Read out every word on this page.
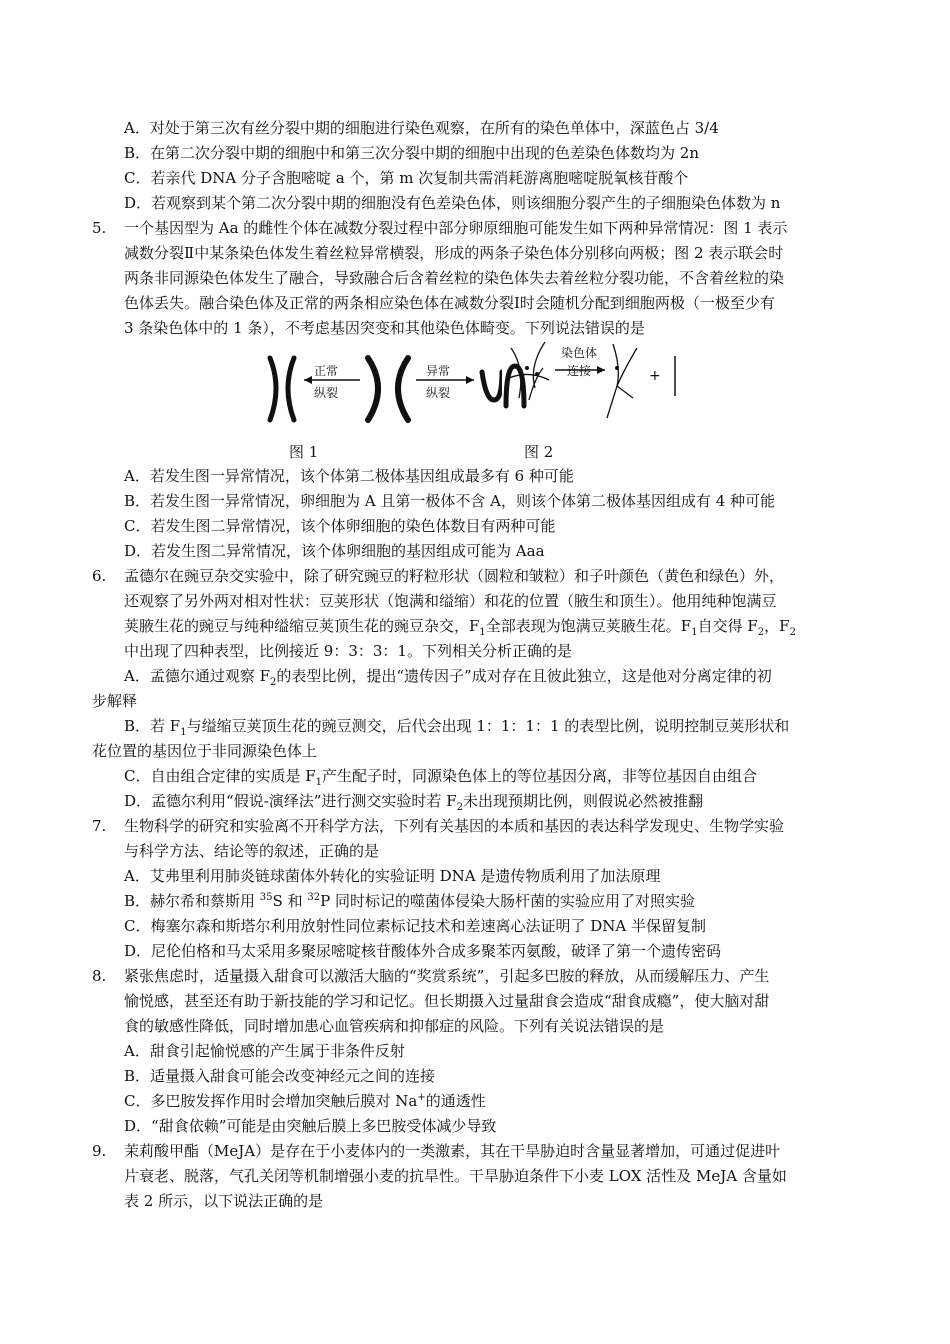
A．对处于第三次有丝分裂中期的细胞进行染色观察，在所有的染色单体中，深蓝色占 3/4
B．在第二次分裂中期的细胞中和第三次分裂中期的细胞中出现的色差染色体数均为 2n
C．若亲代 DNA 分子含胞嘧啶 a 个，第 m 次复制共需消耗游离胞嘧啶脱氧核苷酸个
D．若观察到某个第二次分裂中期的细胞没有色差染色体，则该细胞分裂产生的子细胞染色体数为 n
5. 一个基因型为 Aa 的雌性个体在减数分裂过程中部分卵原细胞可能发生如下两种异常情况：图 1 表示
减数分裂Ⅱ中某条染色体发生着丝粒异常横裂，形成的两条子染色体分别移向两极；图 2 表示联会时
两条非同源染色体发生了融合，导致融合后含着丝粒的染色体失去着丝粒分裂功能，不含着丝粒的染
色体丢失。融合染色体及正常的两条相应染色体在减数分裂Ⅰ时会随机分配到细胞两极（一极至少有
3 条染色体中的 1 条），不考虑基因突变和其他染色体畸变。下列说法错误的是
正常
纵裂
异常
纵裂
染色体
连接	+
图 1	图 2
A．若发生图一异常情况，该个体第二极体基因组成最多有 6 种可能
B．若发生图一异常情况，卵细胞为 A 且第一极体不含 A，则该个体第二极体基因组成有 4 种可能
C．若发生图二异常情况，该个体卵细胞的染色体数目有两种可能
D．若发生图二异常情况，该个体卵细胞的基因组成可能为 Aaa
6. 孟德尔在豌豆杂交实验中，除了研究豌豆的籽粒形状（圆粒和皱粒）和子叶颜色（黄色和绿色）外，
还观察了另外两对相对性状：豆荚形状（饱满和缢缩）和花的位置（腋生和顶生）。他用纯种饱满豆
荚腋生花的豌豆与纯种缢缩豆荚顶生花的豌豆杂交，$F_1$全部表现为饱满豆荚腋生花。$F_1$自交得 $F_2$，$F_2$
中出现了四种表型，比例接近 9：3：3：1。下列相关分析正确的是
A．孟德尔通过观察 $F_2$的表型比例，提出“遗传因子”成对存在且彼此独立，这是他对分离定律的初
步解释
B．若 $F_1$与缢缩豆荚顶生花的豌豆测交，后代会出现 1：1：1：1 的表型比例，说明控制豆荚形状和
花位置的基因位于非同源染色体上
C．自由组合定律的实质是 $F_1$产生配子时，同源染色体上的等位基因分离，非等位基因自由组合
D．孟德尔利用“假说-演绎法”进行测交实验时若 $F_2$未出现预期比例，则假说必然被推翻
7. 生物科学的研究和实验离不开科学方法，下列有关基因的本质和基因的表达科学发现史、生物学实验
与科学方法、结论等的叙述，正确的是
A．艾弗里利用肺炎链球菌体外转化的实验证明 DNA 是遗传物质利用了加法原理
B．赫尔希和蔡斯用 $^{35}$S 和 $^{32}$P 同时标记的噬菌体侵染大肠杆菌的实验应用了对照实验
C．梅塞尔森和斯塔尔利用放射性同位素标记技术和差速离心法证明了 DNA 半保留复制
D．尼伦伯格和马太采用多聚尿嘧啶核苷酸体外合成多聚苯丙氨酸，破译了第一个遗传密码
8. 紧张焦虑时，适量摄入甜食可以激活大脑的“奖赏系统”，引起多巴胺的释放，从而缓解压力、产生
愉悦感，甚至还有助于新技能的学习和记忆。但长期摄入过量甜食会造成“甜食成瘾”，使大脑对甜
食的敏感性降低，同时增加患心血管疾病和抑郁症的风险。下列有关说法错误的是
A．甜食引起愉悦感的产生属于非条件反射
B．适量摄入甜食可能会改变神经元之间的连接
C．多巴胺发挥作用时会增加突触后膜对 Na+的通透性
D．“甜食依赖”可能是由突触后膜上多巴胺受体减少导致
9. 茉莉酸甲酯（MeJA）是存在于小麦体内的一类激素，其在干旱胁迫时含量显著增加，可通过促进叶
片衰老、脱落，气孔关闭等机制增强小麦的抗旱性。干旱胁迫条件下小麦 LOX 活性及 MeJA 含量如
表 2 所示，以下说法正确的是
